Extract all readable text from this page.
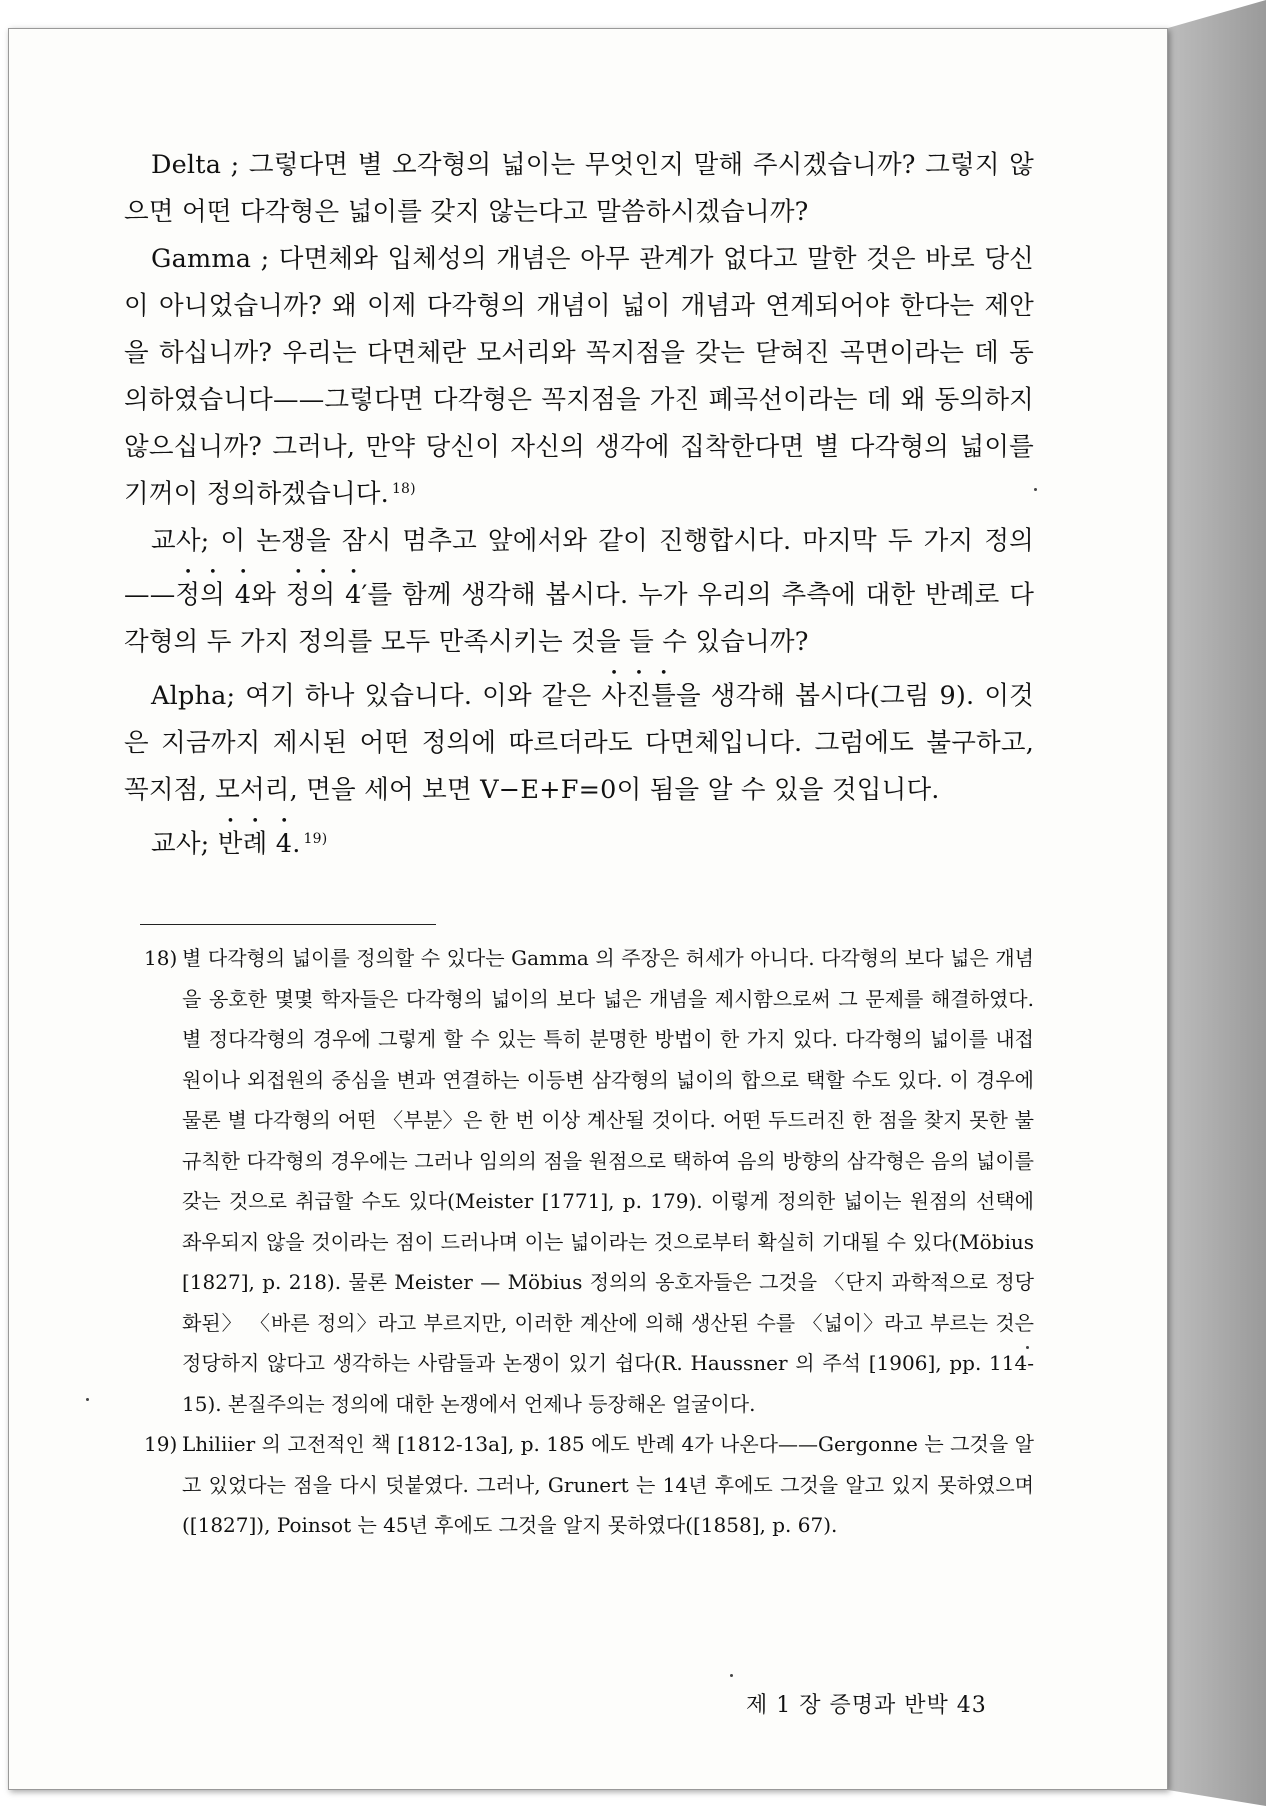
Delta ; 그렇다면 별 오각형의 넓이는 무엇인지 말해 주시겠습니까? 그렇지 않으면 어떤 다각형은 넓이를 갖지 않는다고 말씀하시겠습니까?

Gamma ; 다면체와 입체성의 개념은 아무 관계가 없다고 말한 것은 바로 당신이 아니었습니까? 왜 이제 다각형의 개념이 넓이 개념과 연계되어야 한다는 제안을 하십니까? 우리는 다면체란 모서리와 꼭지점을 갖는 닫혀진 곡면이라는 데 동의하였습니다——그렇다면 다각형은 꼭지점을 가진 폐곡선이라는 데 왜 동의하지 않으십니까? 그러나, 만약 당신이 자신의 생각에 집착한다면 별 다각형의 넓이를 기꺼이 정의하겠습니다. $^{18)}$

교사; 이 논쟁을 잠시 멈추고 앞에서와 같이 진행합시다. 마지막 두 가지 정의——정의 4와 정의 4′를 함께 생각해 봅시다. 누가 우리의 추측에 대한 반례로 다각형의 두 가지 정의를 모두 만족시키는 것을 들 수 있습니까?

Alpha; 여기 하나 있습니다. 이와 같은 사진틀을 생각해 봅시다(그림 9). 이것은 지금까지 제시된 어떤 정의에 따르더라도 다면체입니다. 그럼에도 불구하고, 꼭지점, 모서리, 면을 세어 보면 V−E+F=0이 됨을 알 수 있을 것입니다.

교사; 반례 4. $^{19)}$

18) 별 다각형의 넓이를 정의할 수 있다는 Gamma 의 주장은 허세가 아니다. 다각형의 보다 넓은 개념을 옹호한 몇몇 학자들은 다각형의 넓이의 보다 넓은 개념을 제시함으로써 그 문제를 해결하였다. 별 정다각형의 경우에 그렇게 할 수 있는 특히 분명한 방법이 한 가지 있다. 다각형의 넓이를 내접원이나 외접원의 중심을 변과 연결하는 이등변 삼각형의 넓이의 합으로 택할 수도 있다. 이 경우에 물론 별 다각형의 어떤 〈부분〉은 한 번 이상 계산될 것이다. 어떤 두드러진 한 점을 찾지 못한 불규칙한 다각형의 경우에는 그러나 임의의 점을 원점으로 택하여 음의 방향의 삼각형은 음의 넓이를 갖는 것으로 취급할 수도 있다(Meister [1771], p. 179). 이렇게 정의한 넓이는 원점의 선택에 좌우되지 않을 것이라는 점이 드러나며 이는 넓이라는 것으로부터 확실히 기대될 수 있다(Möbius [1827], p. 218). 물론 Meister — Möbius 정의의 옹호자들은 그것을 〈단지 과학적으로 정당화된〉 〈바른 정의〉라고 부르지만, 이러한 계산에 의해 생산된 수를 〈넓이〉라고 부르는 것은 정당하지 않다고 생각하는 사람들과 논쟁이 있기 쉽다(R. Haussner 의 주석 [1906], pp. 114-15). 본질주의는 정의에 대한 논쟁에서 언제나 등장해온 얼굴이다.

19) Lhiliier 의 고전적인 책 [1812-13a], p. 185 에도 반례 4가 나온다——Gergonne 는 그것을 알고 있었다는 점을 다시 덧붙였다. 그러나, Grunert 는 14년 후에도 그것을 알고 있지 못하였으며([1827]), Poinsot 는 45년 후에도 그것을 알지 못하였다([1858], p. 67).

제 1 장 증명과 반박 43
